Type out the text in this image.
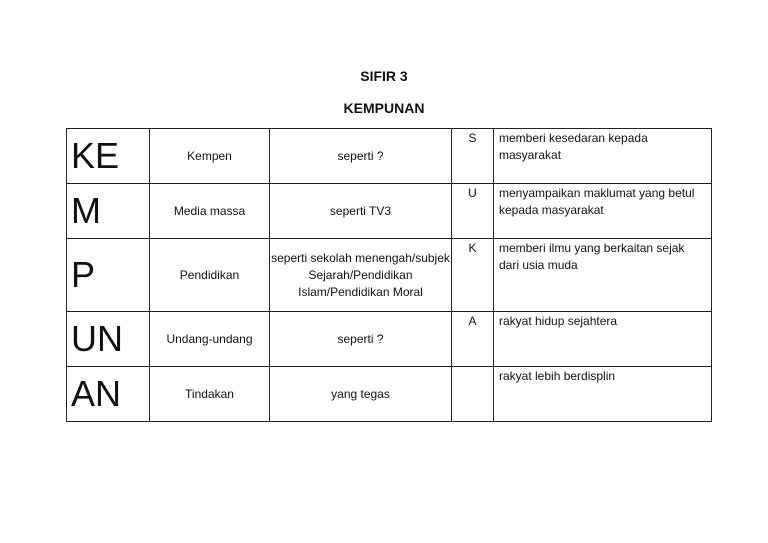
SIFIR 3
KEMPUNAN
KE	Kempen	seperti ?	S	memberi kesedaran kepada masyarakat
M	Media massa	seperti TV3	U	menyampaikan maklumat yang betul kepada masyarakat
P	Pendidikan	seperti sekolah menengah/subjek Sejarah/Pendidikan Islam/Pendidikan Moral	K	memberi ilmu yang berkaitan sejak dari usia muda
UN	Undang-undang	seperti ?	A	rakyat hidup sejahtera
AN	Tindakan	yang tegas		rakyat lebih berdisplin
